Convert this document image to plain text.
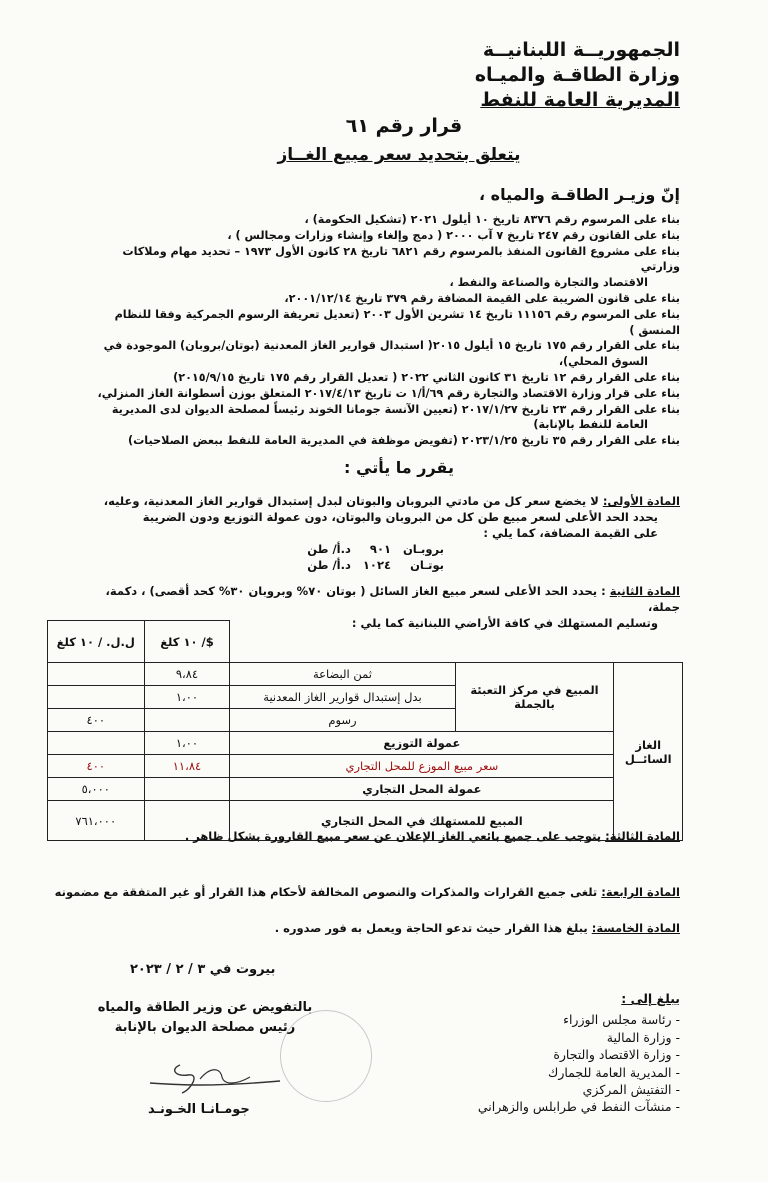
الجمهوريــة اللبنانيــة
وزارة الطاقـة والميـاه
المديرية العامة للنفط
قرار رقم ٦١
يتعلق بتحديد سعر مبيع الغــاز
إنّ وزيـر الطاقـة والمياه ،
بناء على المرسوم رقم ٨٣٧٦ تاريخ ١٠ أيلول ٢٠٢١ (تشكيل الحكومة) ،
بناء على القانون رقم ٢٤٧ تاريخ ٧ آب ٢٠٠٠ ( دمج وإلغاء وإنشاء وزارات ومجالس ) ،
بناء على مشروع القانون المنفذ بالمرسوم رقم ٦٨٢١ تاريخ ٢٨ كانون الأول ١٩٧٣ – تحديد مهام وملاكات وزارتي
الاقتصاد والتجارة والصناعة والنفط ،
بناء على قانون الضريبة على القيمة المضافة رقم ٣٧٩ تاريخ ٢٠٠١/١٢/١٤،
بناء على المرسوم رقم ١١١٥٦ تاريخ ١٤ تشرين الأول ٢٠٠٣ (تعديل تعريفة الرسوم الجمركية وفقا للنظام المنسق )
بناء على القرار رقم ١٧٥ تاريخ ١٥ أيلول ٢٠١٥( استبدال قوارير الغاز المعدنية (بوتان/بروبان) الموجودة في
السوق المحلي)،
بناء على القرار رقم ١٢ تاريخ ٣١ كانون الثاني ٢٠٢٢ ( تعديل القرار رقم ١٧٥ تاريخ ٢٠١٥/٩/١٥)
بناء على قرار وزارة الاقتصاد والتجارة رقم ٦٩/أ/١ ت تاريخ ٢٠١٧/٤/١٣ المتعلق بوزن أسطوانة الغاز المنزلي،
بناء على القرار رقم ٢٣ تاريخ ٢٠١٧/١/٢٧ (تعيين الآنسة جومانا الخوند رئيساً لمصلحة الديوان لدى المديرية
العامة للنفط بالإنابة)
بناء على القرار رقم ٣٥ تاريخ ٢٠٢٣/١/٢٥ (تفويض موظفة في المديرية العامة للنفط ببعض الصلاحيات)
يقرر ما يأتي :
المادة الأولى: لا يخضع سعر كل من مادتي البروبان والبوتان لبدل إستبدال قوارير الغاز المعدنية، وعليه،
يحدد الحد الأعلى لسعر مبيع طن كل من البروبان والبوتان، دون عمولة التوزيع ودون الضريبة
على القيمة المضافة، كما يلي :
بروبـان	٩٠١	د.أ/ طن
بوتـان	١٠٢٤	د.أ/ طن
المادة الثانية : يحدد الحد الأعلى لسعر مبيع الغاز السائل ( بوتان ٧٠% وبروبان ٣٠% كحد أقصى) ، دكمة، جملة،
وتسليم المستهلك في كافة الأراضي اللبنانية كما يلي :
			$/ ١٠ كلغ	ل.ل. / ١٠ كلغ
الغاز السائــل	المبيع في مركز التعبئة بالجملة	ثمن البضاعة	٩،٨٤	
		بدل إستبدال قوارير الغاز المعدنية	١،٠٠	
		رسوم		٤٠٠
	عمولة التوزيع		١،٠٠	
	سعر مبيع الموزع للمحل التجاري		١١،٨٤	٤٠٠
	عمولة المحل التجاري			٥،٠٠٠
	المبيع للمستهلك في المحل التجاري			٧٦١،٠٠٠
المادة الثالثة: يتوجب على جميع بائعي الغاز الإعلان عن سعر مبيع القارورة بشكل ظاهر .
المادة الرابعة: تلغى جميع القرارات والمذكرات والنصوص المخالفة لأحكام هذا القرار أو غير المتفقة مع مضمونه
المادة الخامسة: يبلغ هذا القرار حيث تدعو الحاجة ويعمل به فور صدوره .
بيروت في ٣ / ٢ / ٢٠٢٣
بالتفويض عن وزير الطاقة والمياه
رئيس مصلحة الديوان بالإنابة
جومـانـا الخـونـد
يبلغ إلى :
- رئاسة مجلس الوزراء
- وزارة المالية
- وزارة الاقتصاد والتجارة
- المديرية العامة للجمارك
- التفتيش المركزي
- منشآت النفط في طرابلس والزهراني
